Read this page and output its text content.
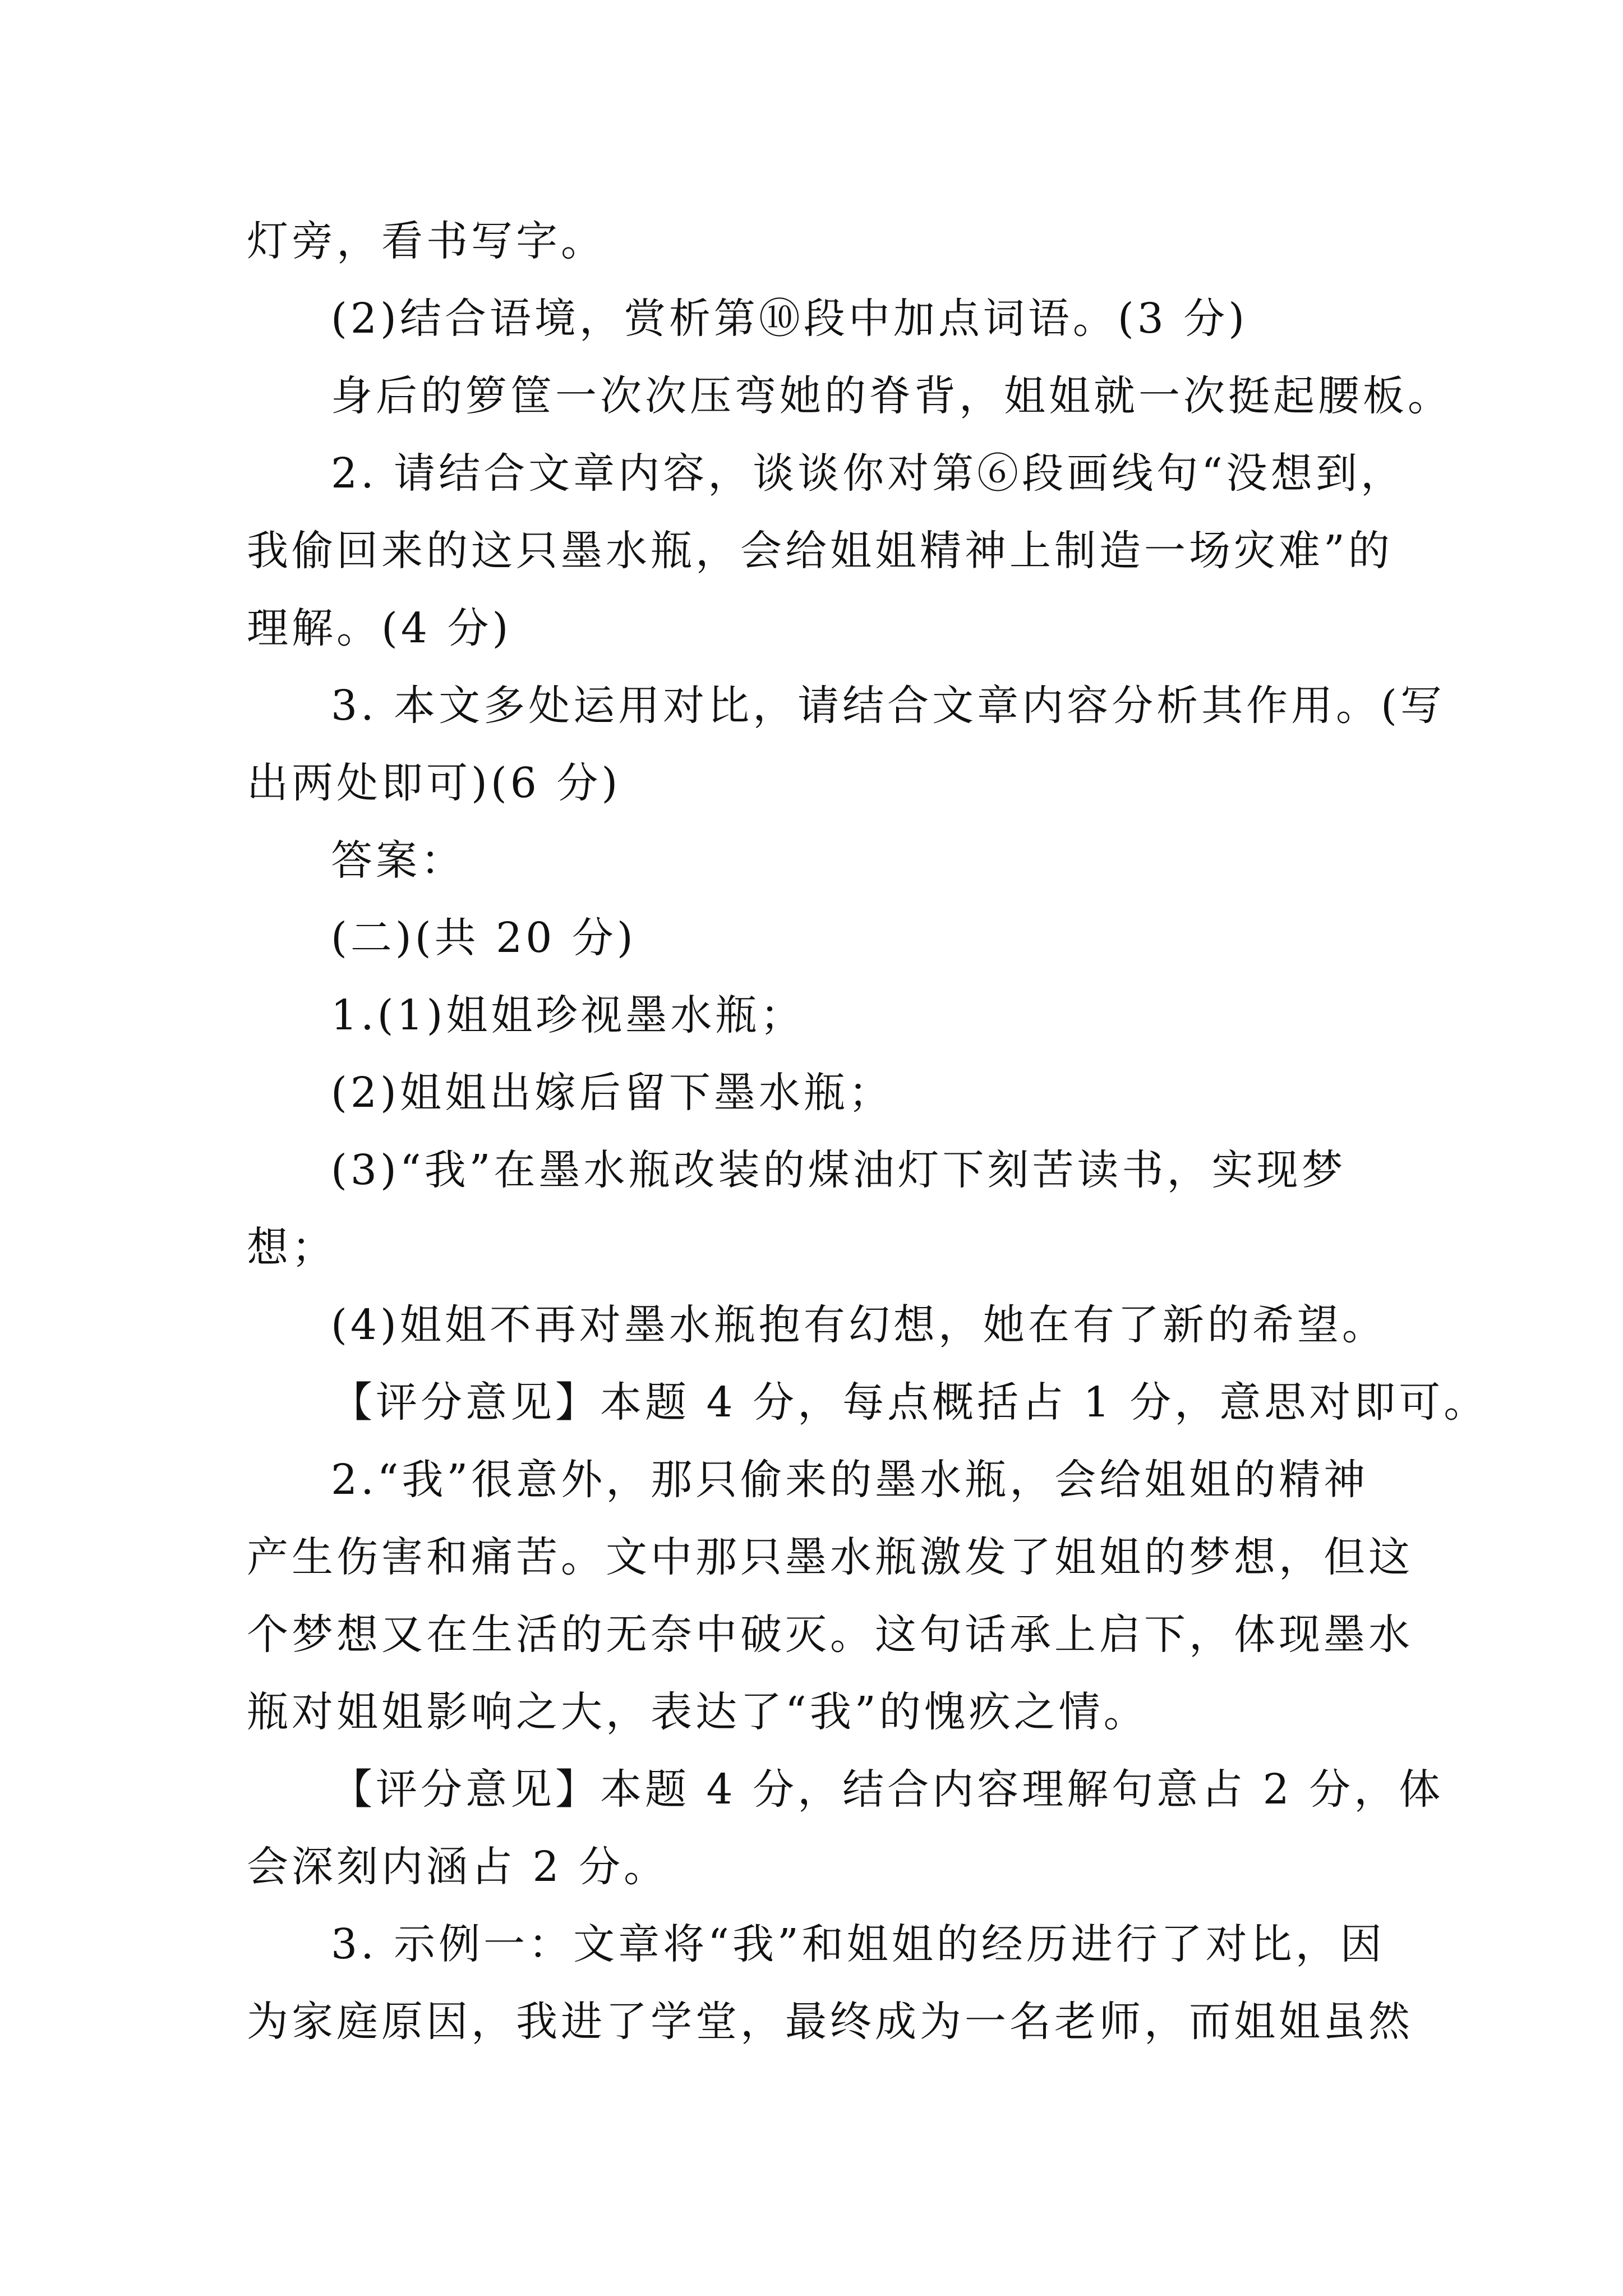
灯旁，看书写字。
(2)结合语境，赏析第⑩段中加点词语。(3 分)
身后的箩筐一次次压弯她的脊背，姐姐就一次挺起腰板。
2. 请结合文章内容，谈谈你对第⑥段画线句“没想到，
我偷回来的这只墨水瓶，会给姐姐精神上制造一场灾难”的
理解。(4 分)
3. 本文多处运用对比，请结合文章内容分析其作用。(写
出两处即可)(6 分)
答案：
(二)(共 20 分)
1.(1)姐姐珍视墨水瓶；
(2)姐姐出嫁后留下墨水瓶；
(3)“我”在墨水瓶改装的煤油灯下刻苦读书，实现梦
想；
(4)姐姐不再对墨水瓶抱有幻想，她在有了新的希望。
【评分意见】本题 4 分，每点概括占 1 分，意思对即可。
2.“我”很意外，那只偷来的墨水瓶，会给姐姐的精神
产生伤害和痛苦。文中那只墨水瓶激发了姐姐的梦想，但这
个梦想又在生活的无奈中破灭。这句话承上启下，体现墨水
瓶对姐姐影响之大，表达了“我”的愧疚之情。
【评分意见】本题 4 分，结合内容理解句意占 2 分，体
会深刻内涵占 2 分。
3. 示例一：文章将“我”和姐姐的经历进行了对比，因
为家庭原因，我进了学堂，最终成为一名老师，而姐姐虽然
